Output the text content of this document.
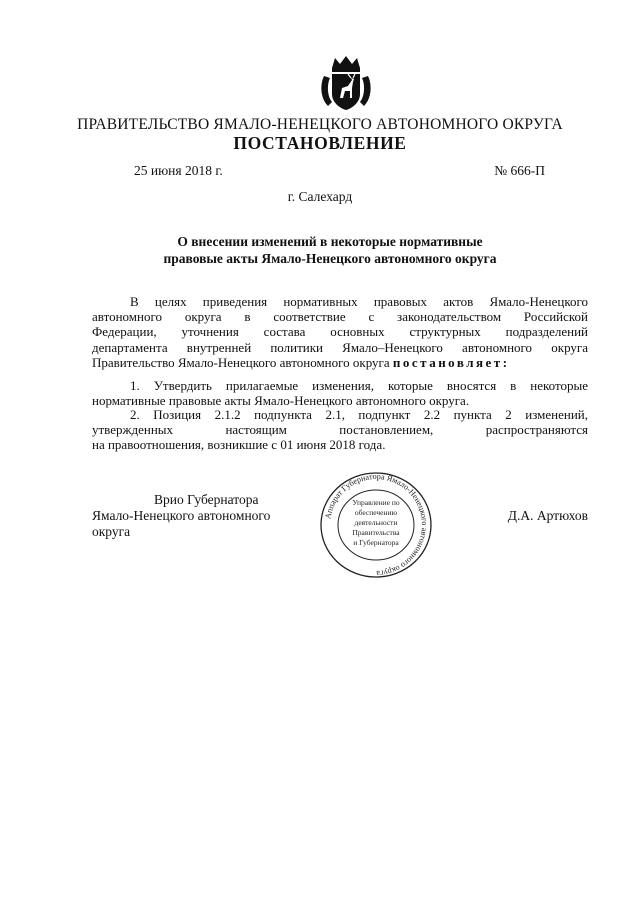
ПРАВИТЕЛЬСТВО ЯМАЛО-НЕНЕЦКОГО АВТОНОМНОГО ОКРУГА
ПОСТАНОВЛЕНИЕ
25 июня 2018 г.	№ 666-П
г. Салехард
О внесении изменений в некоторые нормативные
правовые акты Ямало-Ненецкого автономного округа
В целях приведения нормативных правовых актов Ямало-Ненецкого
автономного округа в соответствие с законодательством Российской
Федерации, уточнения состава основных структурных подразделений
департамента внутренней политики Ямало–Ненецкого автономного округа
Правительство Ямало-Ненецкого автономного округа постановляет:
1. Утвердить прилагаемые изменения, которые вносятся в некоторые
нормативные правовые акты Ямало-Ненецкого автономного округа.
2. Позиция 2.1.2 подпункта 2.1, подпункт 2.2 пункта 2 изменений,
утвержденных настоящим постановлением, распространяются
на правоотношения, возникшие с 01 июня 2018 года.
Врио Губернатора
Ямало-Ненецкого автономного округа
Д.А. Артюхов
Аппарат Губернатора Ямало-Ненецкого автономного округа
Управление по
обеспечению
деятельности
Правительства
и Губернатора
